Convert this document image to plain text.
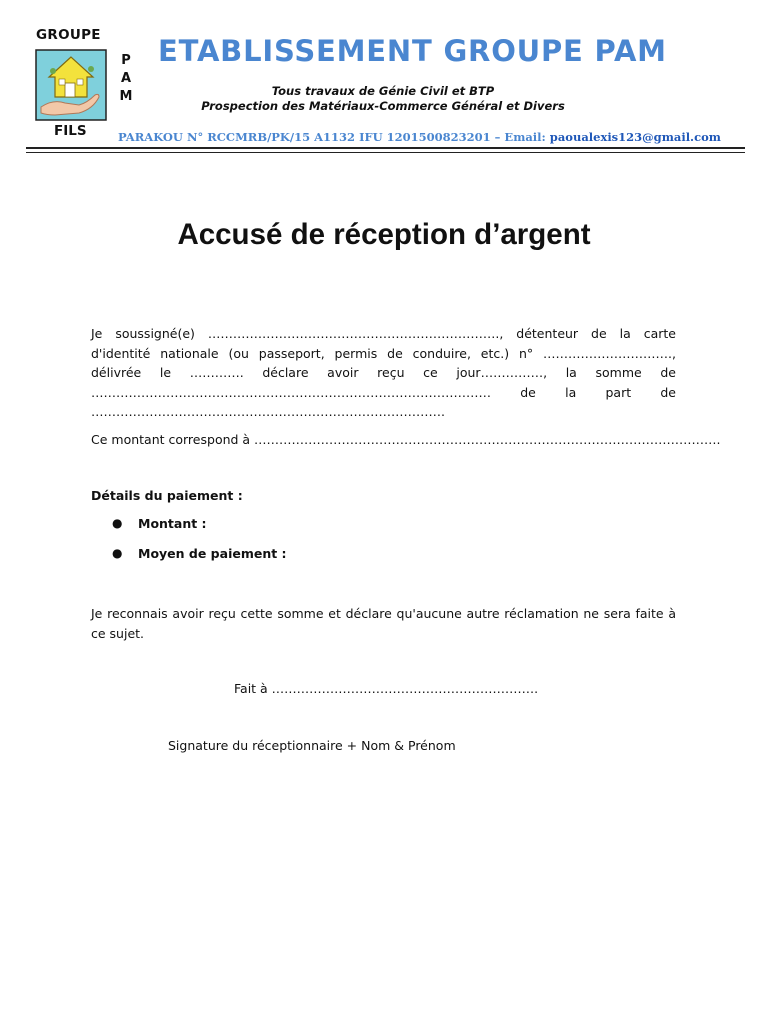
GROUPE
FILS
P
A
M
ETABLISSEMENT GROUPE PAM
Tous travaux de Génie Civil et BTP
Prospection des Matériaux-Commerce Général et Divers
PARAKOU N° RCCMRB/PK/15 A1132 IFU 1201500823201 – Email: paoualexis123@gmail.com
Accusé de réception d’argent
Je soussigné(e) ……………………………………………………………., détenteur de la carte d'identité nationale (ou passeport, permis de conduire, etc.) n° …………………………., délivrée le …………. déclare avoir reçu ce jour……………, la somme de …………………………………………………………………………………… de la part de ………………………………………………………………………….
Ce montant correspond à ………………………………………………………………………………………………….
Détails du paiement :
● Montant :
● Moyen de paiement :
Je reconnais avoir reçu cette somme et déclare qu'aucune autre réclamation ne sera faite à ce sujet.
Fait à ……………………………………………………….
Signature du réceptionnaire + Nom & Prénom
